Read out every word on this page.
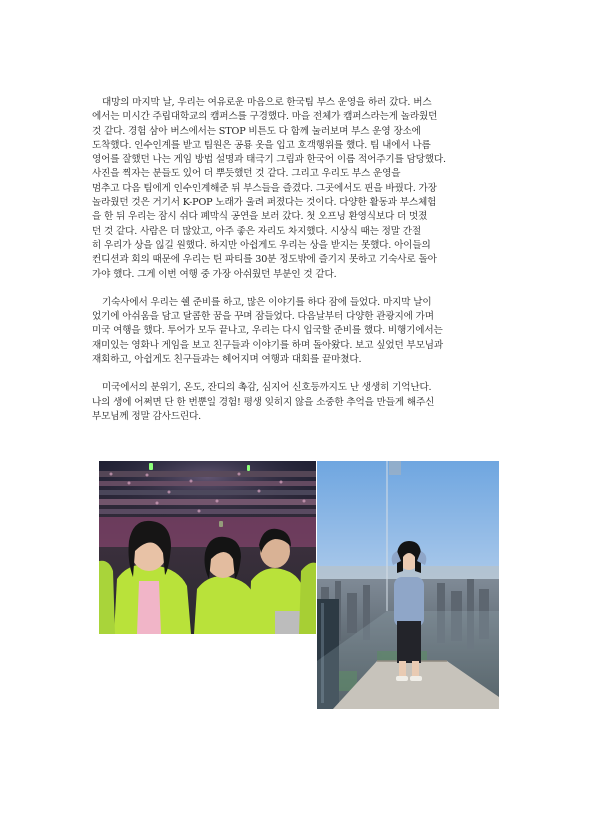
대망의 마지막 날, 우리는 여유로운 마음으로 한국팀 부스 운영을 하러 갔다. 버스
에서는 미시간 주립대학교의 캠퍼스를 구경했다. 마을 전체가 캠퍼스라는게 놀라웠던
것 같다. 경험 삼아 버스에서는 STOP 비튼도 다 함께 눌러보며 부스 운영 장소에
도착했다. 인수인계를 받고 팀원은 공룡 옷을 입고 호객행위를 했다. 팀 내에서 나름
영어를 잘했던 나는 게임 방법 설명과 태극기 그림과 한국어 이름 적어주기를 담당했다.
사진을 찍자는 분들도 있어 더 뿌듯했던 것 같다. 그리고 우리도 부스 운영을
멈추고 다음 팀에게 인수인계해준 뒤 부스들을 즐겼다. 그곳에서도 핀을 바꿨다. 가장
놀라웠던 것은 거기서 K-POP 노래가 울려 퍼졌다는 것이다. 다양한 활동과 부스체험
을 한 뒤 우리는 잠시 쉬다 폐막식 공연을 보러 갔다. 첫 오프닝 환영식보다 더 멋졌
던 것 같다. 사람은 더 많았고, 아주 좋은 자리도 차지했다. 시상식 때는 정말 간절
히 우리가 상을 읺길 원했다. 하지만 아쉽게도 우리는 상을 받지는 못했다. 아이들의
컨디션과 회의 때문에 우리는 틴 파티를 30분 정도밖에 즐기지 못하고 기숙사로 돌아
가야 했다. 그게 이번 여행 중 가장 아쉬웠던 부분인 것 같다.

기숙사에서 우리는 쉘 준비를 하고, 많은 이야기를 하다 잠에 들었다. 마지막 날이
었기에 아쉬움을 담고 달콤한 꿈을 꾸며 잠들었다. 다음날부터 다양한 관광지에 가며
미국 여행을 했다. 투어가 모두 끝나고, 우리는 다시 입국할 준비를 했다. 비행기에서는
재미있는 영화나 게임을 보고 친구들과 이야기를 하며 돌아왔다. 보고 싶었던 부모님과
재회하고, 아쉽게도 친구들과는 헤어지며 여행과 대회를 끝마쳤다.

미국에서의 분위기, 온도, 잔디의 촉감, 심지어 신호등까지도 난 생생히 기억난다.
나의 생에 어쩌면 단 한 번뿐일 경험! 평생 잊히지 않을 소중한 추억을 만들게 해주신
부모님께 정말 감사드린다.
